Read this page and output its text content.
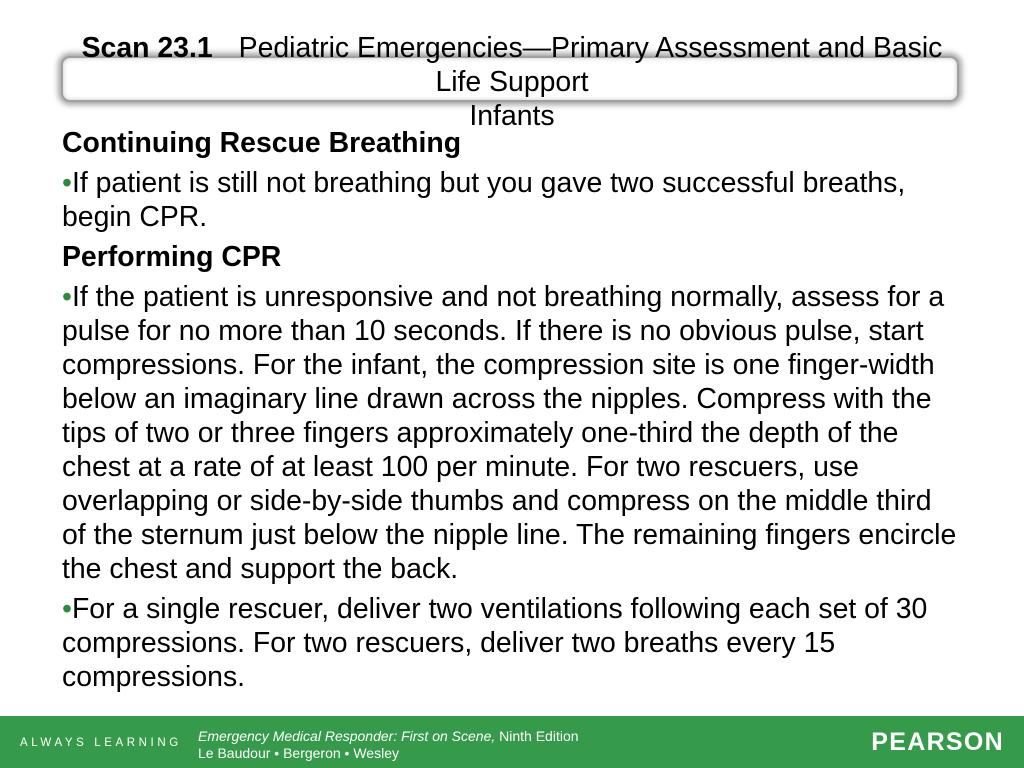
Scan 23.1 Pediatric Emergencies—Primary Assessment and Basic
Life Support
Infants
Continuing Rescue Breathing
•If patient is still not breathing but you gave two successful breaths,
begin CPR.
Performing CPR
•If the patient is unresponsive and not breathing normally, assess for a
pulse for no more than 10 seconds. If there is no obvious pulse, start
compressions. For the infant, the compression site is one finger-width
below an imaginary line drawn across the nipples. Compress with the
tips of two or three fingers approximately one-third the depth of the
chest at a rate of at least 100 per minute. For two rescuers, use
overlapping or side-by-side thumbs and compress on the middle third
of the sternum just below the nipple line. The remaining fingers encircle
the chest and support the back.
•For a single rescuer, deliver two ventilations following each set of 30
compressions. For two rescuers, deliver two breaths every 15
compressions.
ALWAYS LEARNING Emergency Medical Responder: First on Scene, Ninth Edition
Le Baudour • Bergeron • Wesley	PEARSON
